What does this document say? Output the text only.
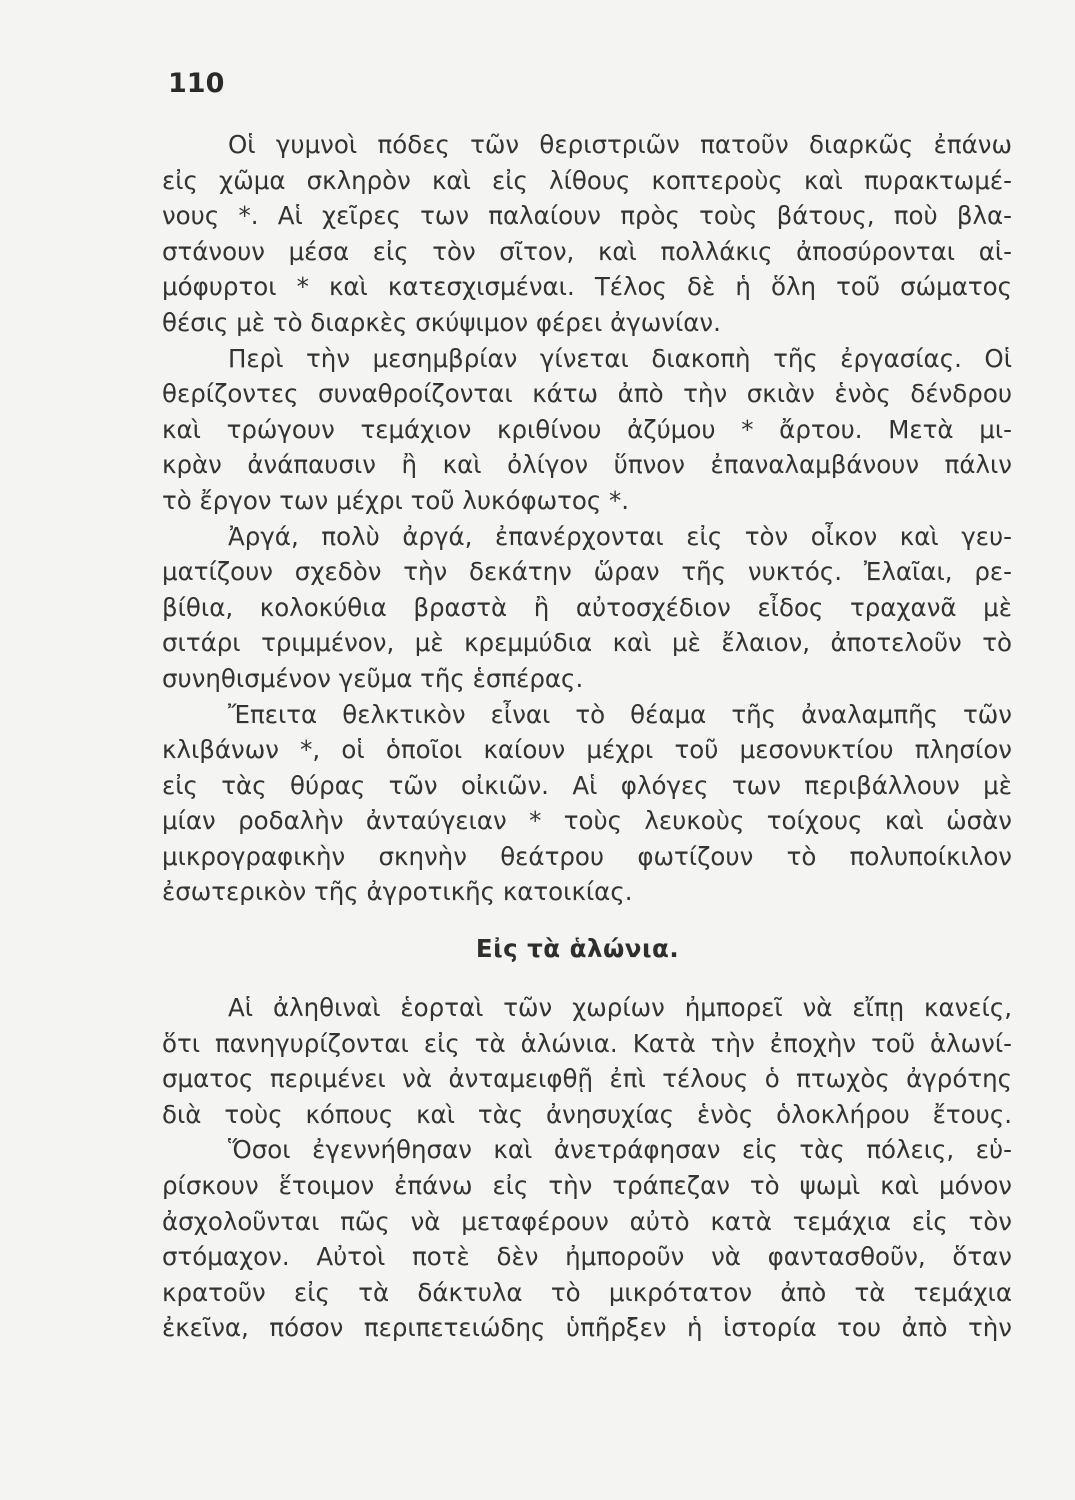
110
Οἱ γυμνοὶ πόδες τῶν θεριστριῶν πατοῦν διαρκῶς ἐπάνω
εἰς χῶμα σκληρὸν καὶ εἰς λίθους κοπτεροὺς καὶ πυρακτωμέ-
νους *. Αἱ χεῖρες των παλαίουν πρὸς τοὺς βάτους, ποὺ βλα-
στάνουν μέσα εἰς τὸν σῖτον, καὶ πολλάκις ἀποσύρονται αἱ-
μόφυρτοι * καὶ κατεσχισμέναι. Τέλος δὲ ἡ ὅλη τοῦ σώματος
θέσις μὲ τὸ διαρκὲς σκύψιμον φέρει ἀγωνίαν.
Περὶ τὴν μεσημβρίαν γίνεται διακοπὴ τῆς ἐργασίας. Οἱ
θερίζοντες συναθροίζονται κάτω ἀπὸ τὴν σκιὰν ἑνὸς δένδρου
καὶ τρώγουν τεμάχιον κριθίνου ἀζύμου * ἄρτου. Μετὰ μι-
κρὰν ἀνάπαυσιν ἢ καὶ ὀλίγον ὕπνον ἐπαναλαμβάνουν πάλιν
τὸ ἔργον των μέχρι τοῦ λυκόφωτος *.
Ἀργά, πολὺ ἀργά, ἐπανέρχονται εἰς τὸν οἶκον καὶ γευ-
ματίζουν σχεδὸν τὴν δεκάτην ὥραν τῆς νυκτός. Ἐλαῖαι, ρε-
βίθια, κολοκύθια βραστὰ ἢ αὐτοσχέδιον εἶδος τραχανᾶ μὲ
σιτάρι τριμμένον, μὲ κρεμμύδια καὶ μὲ ἔλαιον, ἀποτελοῦν τὸ
συνηθισμένον γεῦμα τῆς ἑσπέρας.
Ἔπειτα θελκτικὸν εἶναι τὸ θέαμα τῆς ἀναλαμπῆς τῶν
κλιβάνων *, οἱ ὁποῖοι καίουν μέχρι τοῦ μεσονυκτίου πλησίον
εἰς τὰς θύρας τῶν οἰκιῶν. Αἱ φλόγες των περιβάλλουν μὲ
μίαν ροδαλὴν ἀνταύγειαν * τοὺς λευκοὺς τοίχους καὶ ὡσὰν
μικρογραφικὴν σκηνὴν θεάτρου φωτίζουν τὸ πολυποίκιλον
ἐσωτερικὸν τῆς ἀγροτικῆς κατοικίας.
Εἰς τὰ ἁλώνια.
Αἱ ἀληθιναὶ ἑορταὶ τῶν χωρίων ἠμπορεῖ νὰ εἴπῃ κανείς,
ὅτι πανηγυρίζονται εἰς τὰ ἁλώνια. Κατὰ τὴν ἐποχὴν τοῦ ἁλωνί-
σματος περιμένει νὰ ἀνταμειφθῇ ἐπὶ τέλους ὁ πτωχὸς ἀγρότης
διὰ τοὺς κόπους καὶ τὰς ἀνησυχίας ἑνὸς ὁλοκλήρου ἔτους.
Ὅσοι ἐγεννήθησαν καὶ ἀνετράφησαν εἰς τὰς πόλεις, εὑ-
ρίσκουν ἕτοιμον ἐπάνω εἰς τὴν τράπεζαν τὸ ψωμὶ καὶ μόνον
ἀσχολοῦνται πῶς νὰ μεταφέρουν αὐτὸ κατὰ τεμάχια εἰς τὸν
στόμαχον. Αὐτοὶ ποτὲ δὲν ἠμποροῦν νὰ φαντασθοῦν, ὅταν
κρατοῦν εἰς τὰ δάκτυλα τὸ μικρότατον ἀπὸ τὰ τεμάχια
ἐκεῖνα, πόσον περιπετειώδης ὑπῆρξεν ἡ ἱστορία του ἀπὸ τὴν
